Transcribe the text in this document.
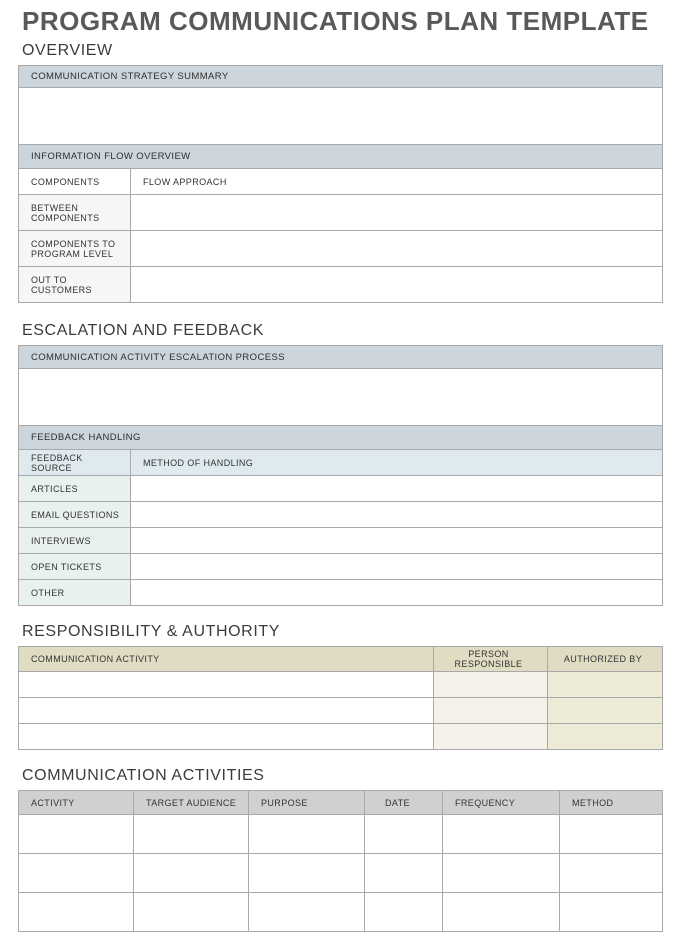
PROGRAM COMMUNICATIONS PLAN TEMPLATE
OVERVIEW
COMMUNICATION STRATEGY SUMMARY	

INFORMATION FLOW OVERVIEW	
COMPONENTS	FLOW APPROACH
BETWEEN COMPONENTS	
COMPONENTS TO PROGRAM LEVEL	
OUT TO CUSTOMERS	
ESCALATION AND FEEDBACK
COMMUNICATION ACTIVITY ESCALATION PROCESS	

FEEDBACK HANDLING	
FEEDBACK SOURCE	METHOD OF HANDLING
ARTICLES	
EMAIL QUESTIONS	
INTERVIEWS	
OPEN TICKETS	
OTHER	
RESPONSIBILITY & AUTHORITY
COMMUNICATION ACTIVITY	PERSON RESPONSIBLE	AUTHORIZED BY

COMMUNICATION ACTIVITIES
ACTIVITY	TARGET AUDIENCE	PURPOSE	DATE	FREQUENCY	METHOD
